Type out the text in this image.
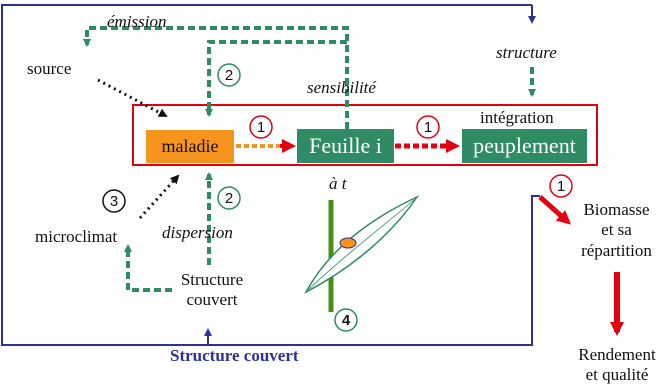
maladie	Feuille i	peuplement
2
1	1
2
3
1
4
émission
source
structure
sensibilité
intégration
à t
microclimat	dispersion
Structure
couvert
Biomasse
et sa
répartition
Rendement
et qualité
Structure couvert
